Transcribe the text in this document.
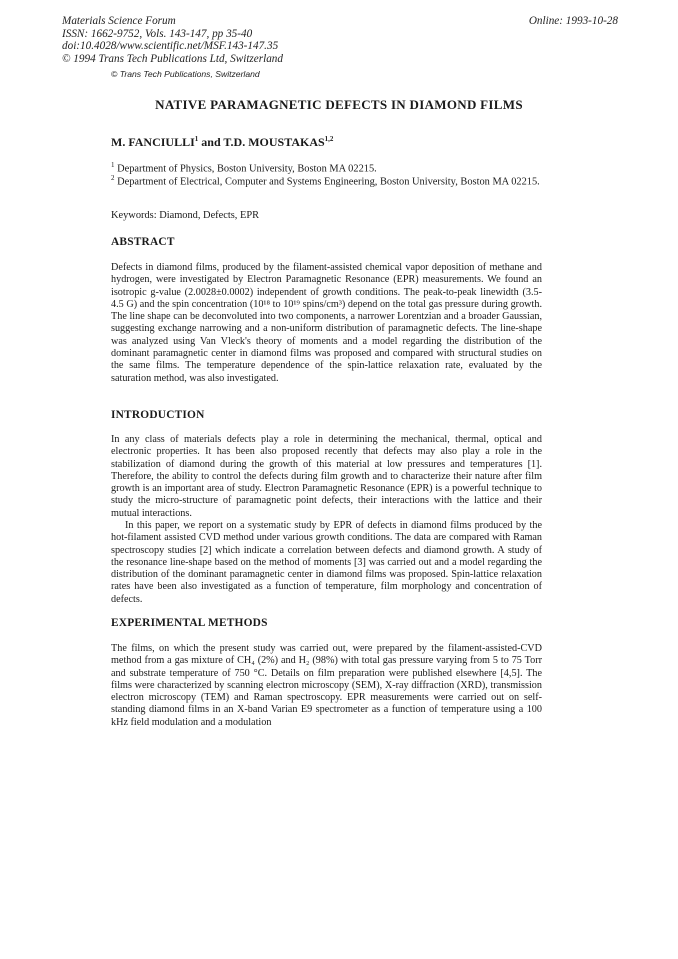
Materials Science Forum
ISSN: 1662-9752, Vols. 143-147, pp 35-40
doi:10.4028/www.scientific.net/MSF.143-147.35
© 1994 Trans Tech Publications Ltd, Switzerland
Online: 1993-10-28
© Trans Tech Publications, Switzerland
NATIVE PARAMAGNETIC DEFECTS IN DIAMOND FILMS
M. FANCIULLI$^1$ and T.D. MOUSTAKAS$^{1,2}$
$^1$ Department of Physics, Boston University, Boston MA 02215.
$^2$ Department of Electrical, Computer and Systems Engineering, Boston University, Boston MA 02215.
Keywords: Diamond, Defects, EPR
ABSTRACT
Defects in diamond films, produced by the filament-assisted chemical vapor deposition of methane and hydrogen, were investigated by Electron Paramagnetic Resonance (EPR) measurements. We found an isotropic g-value (2.0028±0.0002) independent of growth conditions. The peak-to-peak linewidth (3.5-4.5 G) and the spin concentration (10¹⁸ to 10¹⁹ spins/cm³) depend on the total gas pressure during growth. The line shape can be deconvoluted into two components, a narrower Lorentzian and a broader Gaussian, suggesting exchange narrowing and a non-uniform distribution of paramagnetic defects. The line-shape was analyzed using Van Vleck's theory of moments and a model regarding the distribution of the dominant paramagnetic center in diamond films was proposed and compared with structural studies on the same films. The temperature dependence of the spin-lattice relaxation rate, evaluated by the saturation method, was also investigated.
INTRODUCTION
In any class of materials defects play a role in determining the mechanical, thermal, optical and electronic properties. It has been also proposed recently that defects may also play a role in the stabilization of diamond during the growth of this material at low pressures and temperatures [1]. Therefore, the ability to control the defects during film growth and to characterize their nature after film growth is an important area of study. Electron Paramagnetic Resonance (EPR) is a powerful technique to study the micro-structure of paramagnetic point defects, their interactions with the lattice and their mutual interactions.
In this paper, we report on a systematic study by EPR of defects in diamond films produced by the hot-filament assisted CVD method under various growth conditions. The data are compared with Raman spectroscopy studies [2] which indicate a correlation between defects and diamond growth. A study of the resonance line-shape based on the method of moments [3] was carried out and a model regarding the distribution of the dominant paramagnetic center in diamond films was proposed. Spin-lattice relaxation rates have been also investigated as a function of temperature, film morphology and concentration of defects.
EXPERIMENTAL METHODS
The films, on which the present study was carried out, were prepared by the filament-assisted-CVD method from a gas mixture of CH₄ (2%) and H₂ (98%) with total gas pressure varying from 5 to 75 Torr and substrate temperature of 750 °C. Details on film preparation were published elsewhere [4,5]. The films were characterized by scanning electron microscopy (SEM), X-ray diffraction (XRD), transmission electron microscopy (TEM) and Raman spectroscopy. EPR measurements were carried out on self-standing diamond films in an X-band Varian E9 spectrometer as a function of temperature using a 100 kHz field modulation and a modulation
